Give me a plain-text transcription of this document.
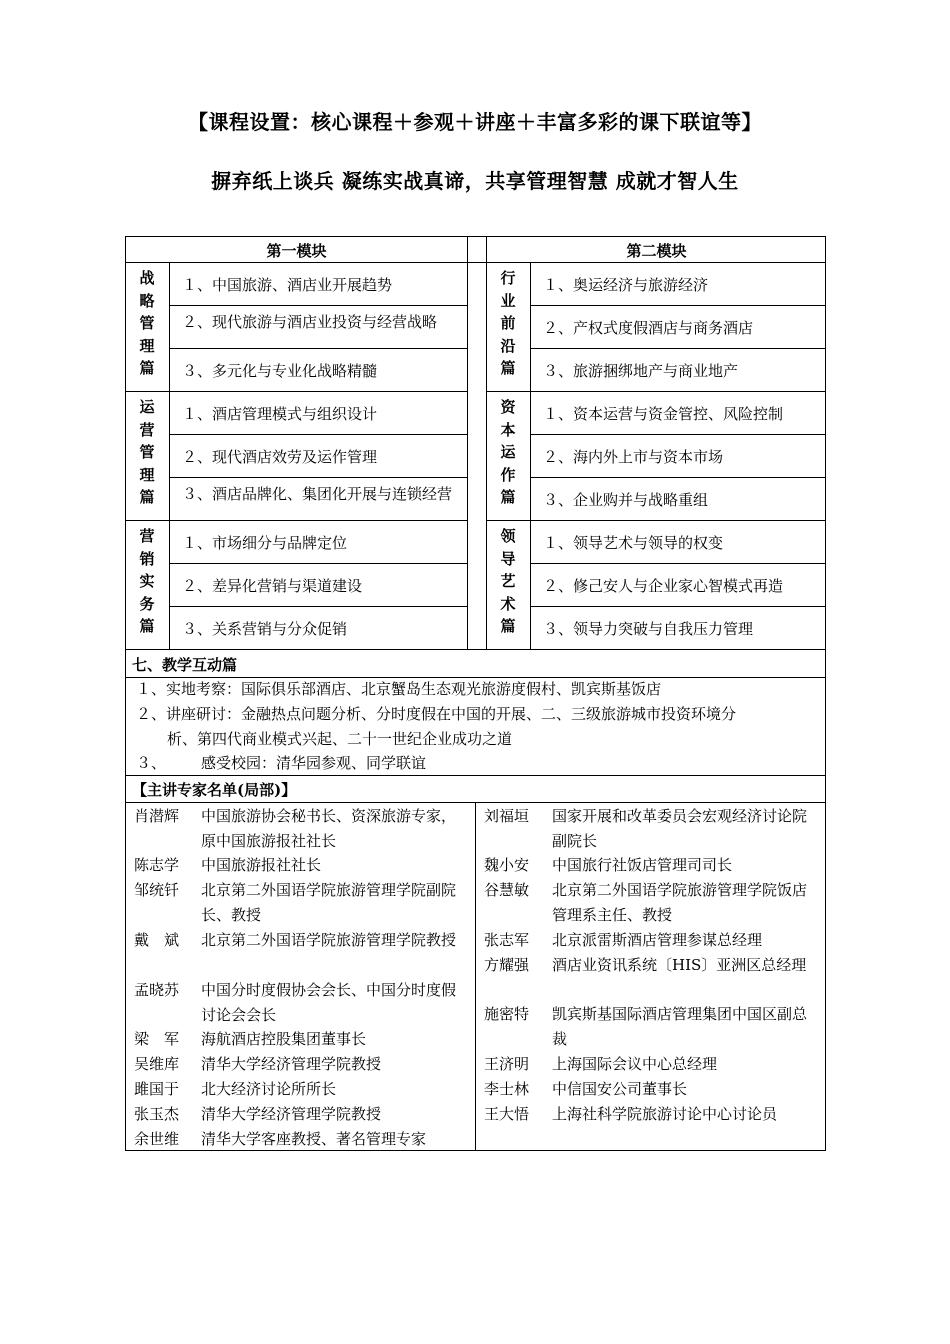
【课程设置：核心课程＋参观＋讲座＋丰富多彩的课下联谊等】
摒弃纸上谈兵 凝练实战真谛，共享管理智慧 成就才智人生
第一模块	第二模块
战略管理篇
运营管理篇
营销实务篇
行业前沿篇
资本运作篇
领导艺术篇
１、中国旅游、酒店业开展趋势
２、现代旅游与酒店业投资与经营战略
３、多元化与专业化战略精髓
１、酒店管理模式与组织设计
２、现代酒店效劳及运作管理
３、酒店品牌化、集团化开展与连锁经营
１、市场细分与品牌定位
２、差异化营销与渠道建设
３、关系营销与分众促销
１、奥运经济与旅游经济
２、产权式度假酒店与商务酒店
３、旅游捆绑地产与商业地产
１、资本运营与资金管控、风险控制
２、海内外上市与资本市场
３、企业购并与战略重组
１、领导艺术与领导的权变
２、修己安人与企业家心智模式再造
３、领导力突破与自我压力管理
七、教学互动篇
１、实地考察：国际俱乐部酒店、北京蟹岛生态观光旅游度假村、凯宾斯基饭店
２、讲座研讨：金融热点问题分析、分时度假在中国的开展、二、三级旅游城市投资环境分
析、第四代商业模式兴起、二十一世纪企业成功之道
３、 感受校园：清华园参观、同学联谊
【主讲专家名单(局部)】
肖潜辉 中国旅游协会秘书长、资深旅游专家，原中国旅游报社社长
陈志学 中国旅游报社社长
邹统钎 北京第二外国语学院旅游管理学院副院长、教授
戴　斌 北京第二外国语学院旅游管理学院教授
孟晓苏 中国分时度假协会会长、中国分时度假讨论会会长
梁　军 海航酒店控股集团董事长
吴维库 清华大学经济管理学院教授
雎国于 北大经济讨论所所长
张玉杰 清华大学经济管理学院教授
余世维 清华大学客座教授、著名管理专家
刘福垣 国家开展和改革委员会宏观经济讨论院副院长
魏小安 中国旅行社饭店管理司司长
谷慧敏 北京第二外国语学院旅游管理学院饭店管理系主任、教授
张志军 北京派雷斯酒店管理参谋总经理
方耀强 酒店业资讯系统〔HIS〕亚洲区总经理
施密特 凯宾斯基国际酒店管理集团中国区副总裁
王济明 上海国际会议中心总经理
李士林 中信国安公司董事长
王大悟 上海社科学院旅游讨论中心讨论员
